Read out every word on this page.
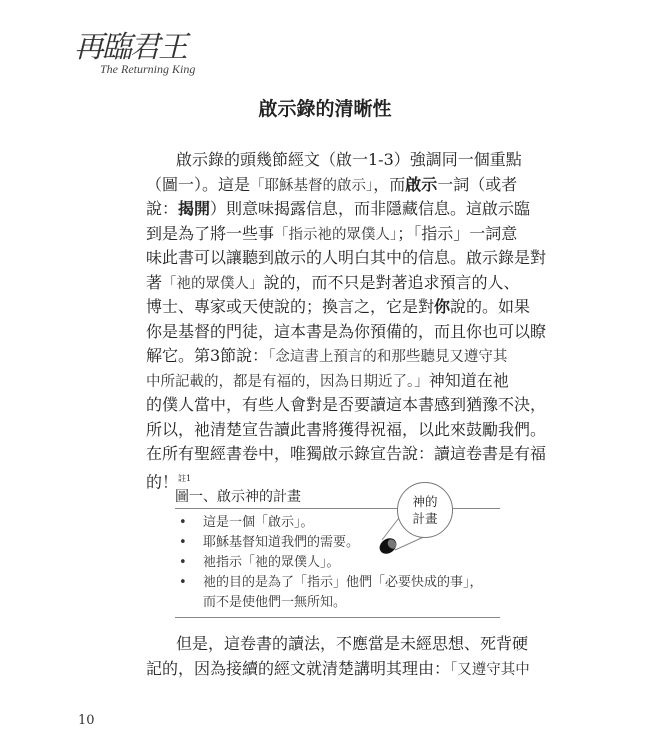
再臨君王
The Returning King
啟示錄的清晰性
啟示錄的頭幾節經文（啟一1-3）強調同一個重點
（圖一）。這是「耶穌基督的啟示」，而啟示一詞（或者
說：揭開）則意味揭露信息，而非隱藏信息。這啟示臨
到是為了將一些事「指示祂的眾僕人」；「指示」一詞意
味此書可以讓聽到啟示的人明白其中的信息。啟示錄是對
著「祂的眾僕人」說的，而不只是對著追求預言的人、
博士、專家或天使說的；換言之，它是對你說的。如果
你是基督的門徒，這本書是為你預備的，而且你也可以瞭
解它。第3節說：「念這書上預言的和那些聽見又遵守其
中所記載的，都是有福的，因為日期近了。」神知道在祂
的僕人當中，有些人會對是否要讀這本書感到猶豫不決，
所以，祂清楚宣告讀此書將獲得祝福，以此來鼓勵我們。
在所有聖經書卷中，唯獨啟示錄宣告說：讀這卷書是有福
的！$^{註1}$
圖一、啟示神的計畫
• 這是一個「啟示」。
• 耶穌基督知道我們的需要。
• 祂指示「祂的眾僕人」。
• 祂的目的是為了「指示」他們「必要快成的事」，
而不是使他們一無所知。
神的
計畫
但是，這卷書的讀法，不應當是未經思想、死背硬
記的，因為接續的經文就清楚講明其理由：「又遵守其中
10
